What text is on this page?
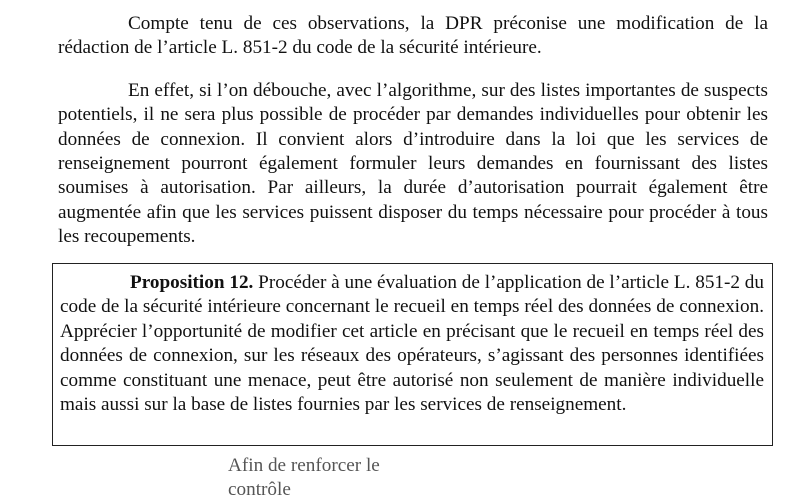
Compte tenu de ces observations, la DPR préconise une modification de la rédaction de l’article L. 851-2 du code de la sécurité intérieure.

En effet, si l’on débouche, avec l’algorithme, sur des listes importantes de suspects potentiels, il ne sera plus possible de procéder par demandes individuelles pour obtenir les données de connexion. Il convient alors d’introduire dans la loi que les services de renseignement pourront également formuler leurs demandes en fournissant des listes soumises à autorisation. Par ailleurs, la durée d’autorisation pourrait également être augmentée afin que les services puissent disposer du temps nécessaire pour procéder à tous les recoupements.

Proposition 12. Procéder à une évaluation de l’application de l’article L. 851-2 du code de la sécurité intérieure concernant le recueil en temps réel des données de connexion. Apprécier l’opportunité de modifier cet article en précisant que le recueil en temps réel des données de connexion, sur les réseaux des opérateurs, s’agissant des personnes identifiées comme constituant une menace, peut être autorisé non seulement de manière individuelle mais aussi sur la base de listes fournies par les services de renseignement.

Afin de renforcer le contrôle
